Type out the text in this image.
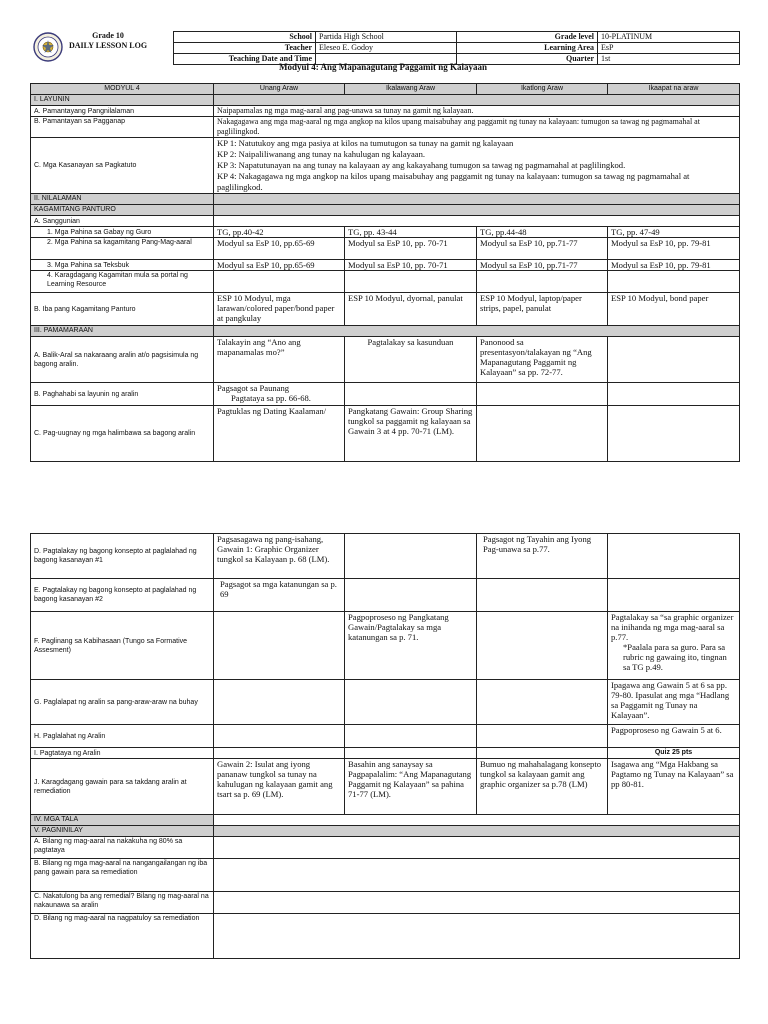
Grade 10
DAILY LESSON LOG
School	Partida High School	Grade level	10-PLATINUM
Teacher	Eleseo E. Godoy	Learning Area	EsP
Teaching Date and Time		Quarter	1st
Modyul 4: Ang Mapanagutang Paggamit ng Kalayaan
MODYUL 4	Unang Araw	Ikalawang Araw	Ikatlong Araw	Ikaapat na araw
I. LAYUNIN				
A. Pamantayang Pangnilalaman	Naipapamalas ng mga mag-aaral ang pag-unawa sa tunay na gamit ng kalayaan.			
B. Pamantayan sa Pagganap	Nakagagawa ang mga mag-aaral ng mga angkop na kilos upang maisabuhay ang paggamit ng tunay na kalayaan: tumugon sa tawag ng pagmamahal at paglilingkod.			
C. Mga Kasanayan sa Pagkatuto	KP 1: Natutukoy ang mga pasiya at kilos na tumutugon sa tunay na gamit ng kalayaan
KP 2: Naipaliliwanang ang tunay na kahulugan ng kalayaan.
KP 3: Napatutunayan na ang tunay na kalayaan ay ang kakayahang tumugon sa tawag ng pagmamahal at paglilingkod.
KP 4: Nakagagawa ng mga angkop na kilos upang maisabuhay ang paggamit ng tunay na kalayaan: tumugon sa tawag ng pagmamahal at paglilingkod.			

II. NILALAMAN				
KAGAMITANG PANTURO				
A. Sanggunian				
1. Mga Pahina sa Gabay ng Guro	TG, pp.40-42	TG, pp. 43-44	TG, pp.44-48	TG, pp. 47-49
2. Mga Pahina sa kagamitang Pang-Mag-aaral	Modyul sa EsP 10, pp.65-69	Modyul sa EsP 10, pp. 70-71	Modyul sa EsP 10, pp.71-77	Modyul sa EsP 10, pp. 79-81
3. Mga Pahina sa Teksbuk	Modyul sa EsP 10, pp.65-69	Modyul sa EsP 10, pp. 70-71	Modyul sa EsP 10, pp.71-77	Modyul sa EsP 10, pp. 79-81
4. Karagdagang Kagamitan mula sa portal ng Learning Resource				
B. Iba pang Kagamitang Panturo	ESP 10 Modyul, mga larawan/colored paper/bond paper at pangkulay	ESP 10 Modyul, dyornal, panulat	ESP 10 Modyul, laptop/paper strips, papel, panulat	ESP 10 Modyul, bond paper
III. PAMAMARAAN				
A. Balik-Aral sa nakaraang aralin at/o pagsisimula ng bagong aralin.	Talakayin ang “Ano ang mapanamalas mo?”	Pagtalakay sa kasunduan	Panonood sa presentasyon/talakayan ng “Ang Mapanagutang Paggamit ng Kalayaan” sa pp. 72-77.	
B. Paghahabi sa layunin ng aralin	Pagsagot sa Paunang
Pagtataya sa pp. 66-68.			

C. Pag-uugnay ng mga halimbawa sa bagong aralin	Pagtuklas ng Dating Kaalaman/	Pangkatang Gawain: Group Sharing tungkol sa paggamit ng kalayaan sa Gawain 3 at 4 pp. 70-71 (LM).		
D. Pagtalakay ng bagong konsepto at paglalahad ng bagong kasanayan #1	Pagsasagawa ng pang-isahang, Gawain 1: Graphic Organizer tungkol sa Kalayaan p. 68 (LM).		Pagsagot ng Tayahin ang Iyong Pag-unawa sa p.77.	
E. Pagtalakay ng bagong konsepto at paglalahad ng bagong kasanayan #2	Pagsagot sa mga katanungan sa p. 69			
F. Paglinang sa Kabihasaan (Tungo sa Formative Assesment)		Pagpoproseso ng Pangkatang Gawain/Pagtalakay sa mga katanungan sa p. 71.		Pagtalakay sa “sa graphic organizer na inihanda ng mga mag-aaral sa p.77.
*Paalala para sa guro. Para sa rubric ng gawaing ito, tingnan sa TG p.49.

G. Paglalapat ng aralin sa pang-araw-araw na buhay				Ipagawa ang Gawain 5 at 6 sa pp. 79-80. Ipasulat ang mga “Hadlang sa Paggamit ng Tunay na Kalayaan”.
H. Paglalahat ng Aralin				Pagpoproseso ng Gawain 5 at 6.
I. Pagtataya ng Aralin				Quiz 25 pts
J. Karagdagang gawain para sa takdang aralin at remediation	Gawain 2: Isulat ang iyong pananaw tungkol sa tunay na kahulugan ng kalayaan gamit ang tsart sa p. 69 (LM).	Basahin ang sanaysay sa Pagpapalalim: “Ang Mapanagutang Paggamit ng Kalayaan” sa pahina 71-77 (LM).	Bumuo ng mahahalagang konsepto tungkol sa kalayaan gamit ang graphic organizer sa p.78 (LM)	Isagawa ang “Mga Hakbang sa Pagtamo ng Tunay na Kalayaan” sa pp 80-81.
IV. MGA TALA				
V. PAGNINILAY				
A. Bilang ng mag-aaral na nakakuha ng 80% sa pagtataya				
B. Bilang ng mga mag-aaral na nangangailangan ng iba pang gawain para sa remediation				
C. Nakatulong ba ang remedial? Bilang ng mag-aaral na nakaunawa sa aralin				
D. Bilang ng mag-aaral na nagpatuloy sa remediation				
